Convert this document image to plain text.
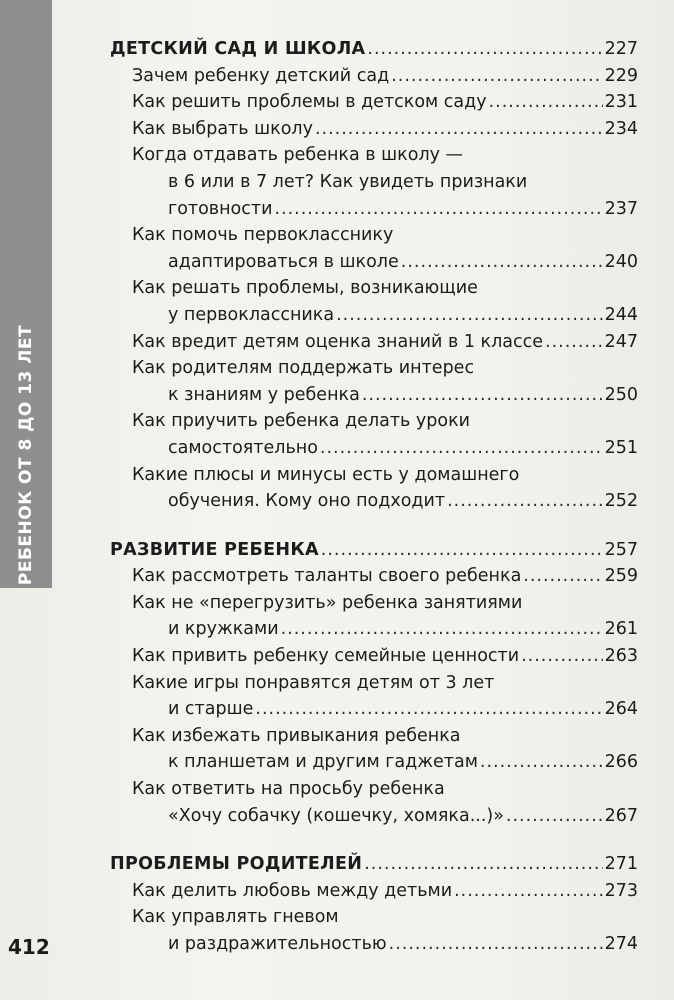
РЕБЕНОК ОТ 8 ДО 13 ЛЕТ
ДЕТСКИЙ САД И ШКОЛА .....	227
Зачем ребенку детский сад .....	229
Как решить проблемы в детском саду .....	231
Как выбрать школу .....	234
Когда отдавать ребенка в школу —
в 6 или в 7 лет? Как увидеть признаки
готовности .....	237
Как помочь первокласснику
адаптироваться в школе .....	240
Как решать проблемы, возникающие
у первоклассника .....	244
Как вредит детям оценка знаний в 1 классе .....	247
Как родителям поддержать интерес
к знаниям у ребенка .....	250
Как приучить ребенка делать уроки
самостоятельно .....	251
Какие плюсы и минусы есть у домашнего
обучения. Кому оно подходит .....	252
РАЗВИТИЕ РЕБЕНКА .....	257
Как рассмотреть таланты своего ребенка .....	259
Как не «перегрузить» ребенка занятиями
и кружками .....	261
Как привить ребенку семейные ценности .....	263
Какие игры понравятся детям от 3 лет
и старше .....	264
Как избежать привыкания ребенка
к планшетам и другим гаджетам .....	266
Как ответить на просьбу ребенка
«Хочу собачку (кошечку, хомяка...)» .....	267
ПРОБЛЕМЫ РОДИТЕЛЕЙ .....	271
Как делить любовь между детьми .....	273
Как управлять гневом
и раздражительностью .....	274
412
